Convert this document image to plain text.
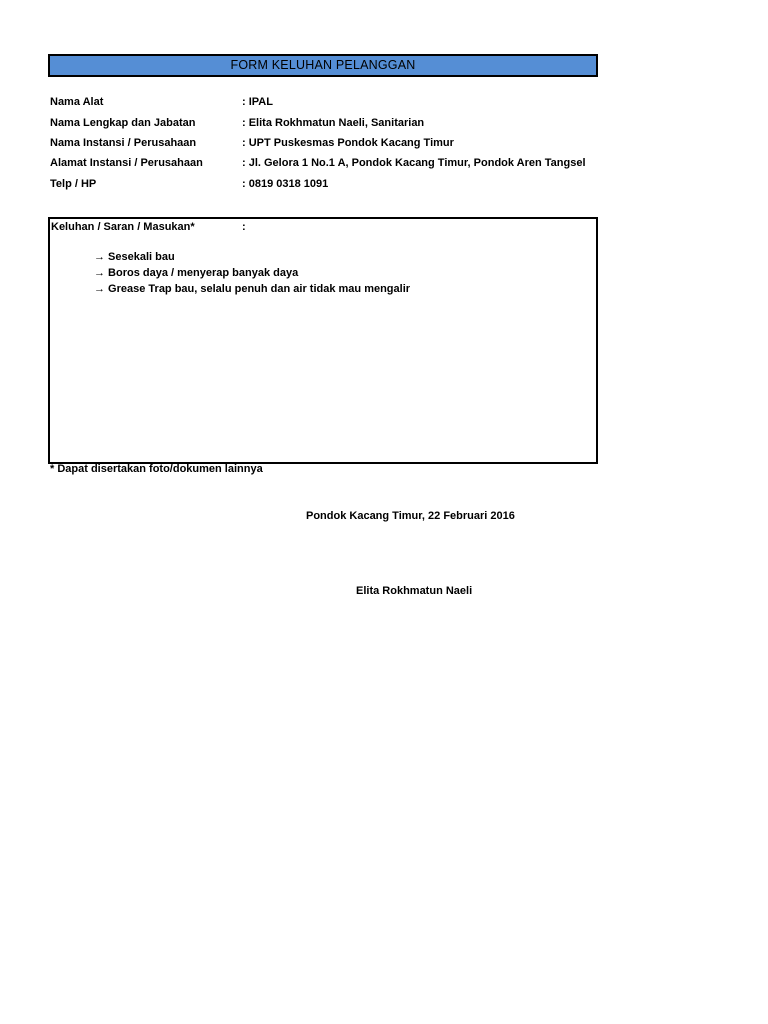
FORM KELUHAN PELANGGAN
Nama Alat	: IPAL
Nama Lengkap dan Jabatan	: Elita Rokhmatun Naeli, Sanitarian
Nama Instansi / Perusahaan	: UPT Puskesmas Pondok Kacang Timur
Alamat Instansi / Perusahaan	: Jl. Gelora 1 No.1 A, Pondok Kacang Timur, Pondok Aren Tangsel
Telp / HP	: 0819 0318 1091
Keluhan / Saran / Masukan*	:
→ Sesekali bau
→ Boros daya / menyerap banyak daya
→ Grease Trap bau, selalu penuh dan air tidak mau mengalir
* Dapat disertakan foto/dokumen lainnya
Pondok Kacang Timur, 22 Februari 2016
Elita Rokhmatun Naeli
